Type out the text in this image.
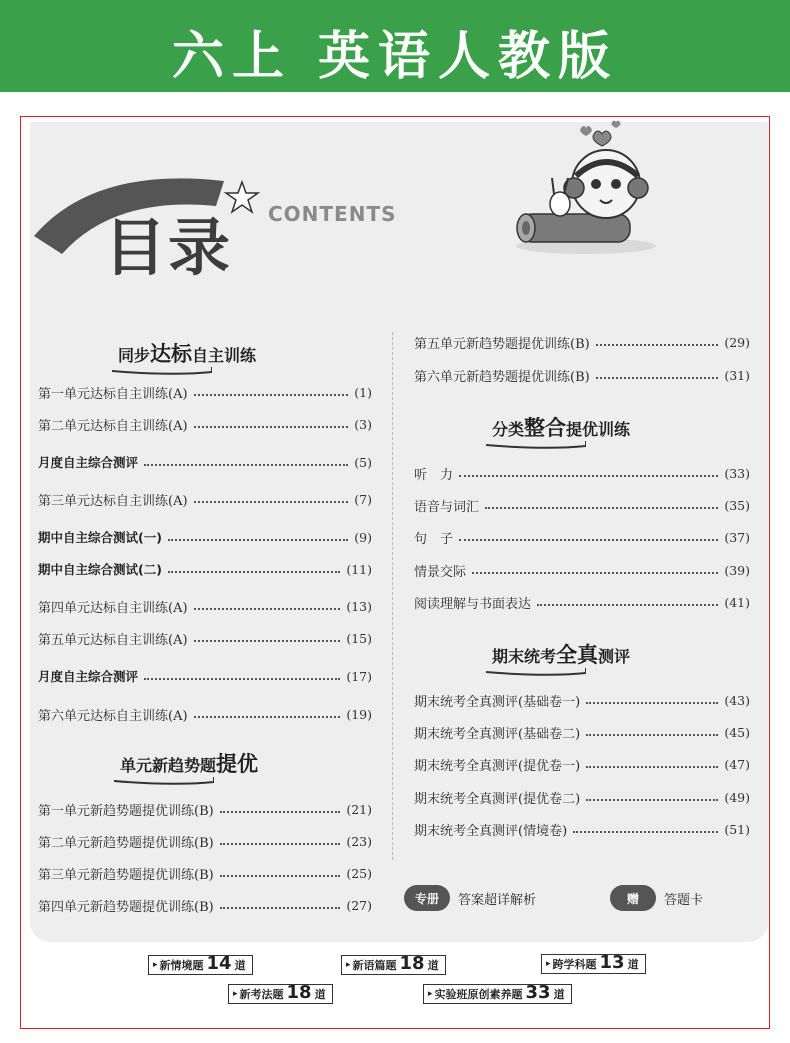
六上 英语人教版
目录 CONTENTS
同步达标自主训练
第一单元达标自主训练(A)	(1)
第二单元达标自主训练(A)	(3)
月度自主综合测评	(5)
第三单元达标自主训练(A)	(7)
期中自主综合测试(一)	(9)
期中自主综合测试(二)	(11)
第四单元达标自主训练(A)	(13)
第五单元达标自主训练(A)	(15)
月度自主综合测评	(17)
第六单元达标自主训练(A)	(19)
单元新趋势题提优
第一单元新趋势题提优训练(B)	(21)
第二单元新趋势题提优训练(B)	(23)
第三单元新趋势题提优训练(B)	(25)
第四单元新趋势题提优训练(B)	(27)
第五单元新趋势题提优训练(B)	(29)
第六单元新趋势题提优训练(B)	(31)
分类整合提优训练
听　力	(33)
语音与词汇	(35)
句　子	(37)
情景交际	(39)
阅读理解与书面表达	(41)
期末统考全真测评
期末统考全真测评(基础卷一)	(43)
期末统考全真测评(基础卷二)	(45)
期末统考全真测评(提优卷一)	(47)
期末统考全真测评(提优卷二)	(49)
期末统考全真测评(情境卷)	(51)
专册	答案超详解析	赠	答题卡
▸ 新情境题 14 道	▸ 新语篇题 18 道	▸ 跨学科题 13 道
▸ 新考法题 18 道	▸ 实验班原创素养题 33 道
